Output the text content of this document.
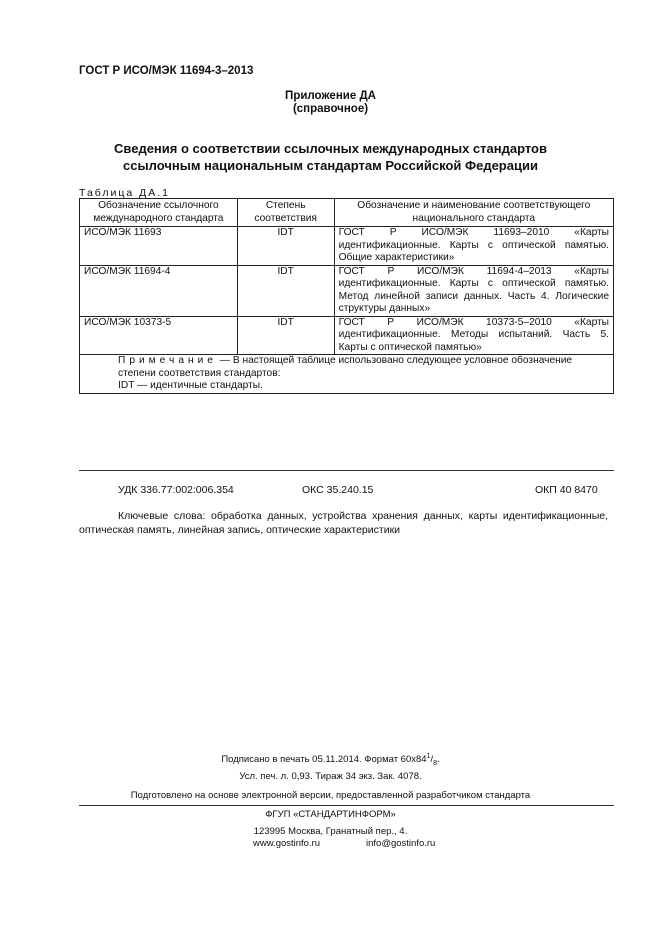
ГОСТ Р ИСО/МЭК 11694-3–2013
Приложение ДА
(справочное)
Сведения о соответствии ссылочных международных стандартов
ссылочным национальным стандартам Российской Федерации
Таблица ДА.1
Обозначение ссылочного международного стандарта	Степень соответствия	Обозначение и наименование соответствующего национального стандарта
ИСО/МЭК 11693	IDT	ГОСТ Р ИСО/МЭК 11693–2010 «Карты идентификационные. Карты с оптической памятью. Общие характеристики»
ИСО/МЭК 11694-4	IDT	ГОСТ Р ИСО/МЭК 11694-4–2013 «Карты идентификационные. Карты с оптической памятью. Метод линейной записи данных. Часть 4. Логические структуры данных»
ИСО/МЭК 10373-5	IDT	ГОСТ Р ИСО/МЭК 10373-5–2010 «Карты идентификационные. Методы испытаний. Часть 5. Карты с оптической памятью»

Примечание — В настоящей таблице использовано следующее условное обозначение степени соответствия стандартов:
IDT — идентичные стандарты.		
УДК 336.77:002:006.354	ОКС 35.240.15	ОКП 40 8470
Ключевые слова: обработка данных, устройства хранения данных, карты идентификационные, оптическая память, линейная запись, оптические характеристики
Подписано в печать 05.11.2014. Формат $60x84^1/_8$.
Усл. печ. л. 0,93. Тираж 34 экз. Зак. 4078.
Подготовлено на основе электронной версии, предоставленной разработчиком стандарта
ФГУП «СТАНДАРТИНФОРМ»
123995 Москва, Гранатный пер., 4.
www.gostinfo.ru	info@gostinfo.ru
